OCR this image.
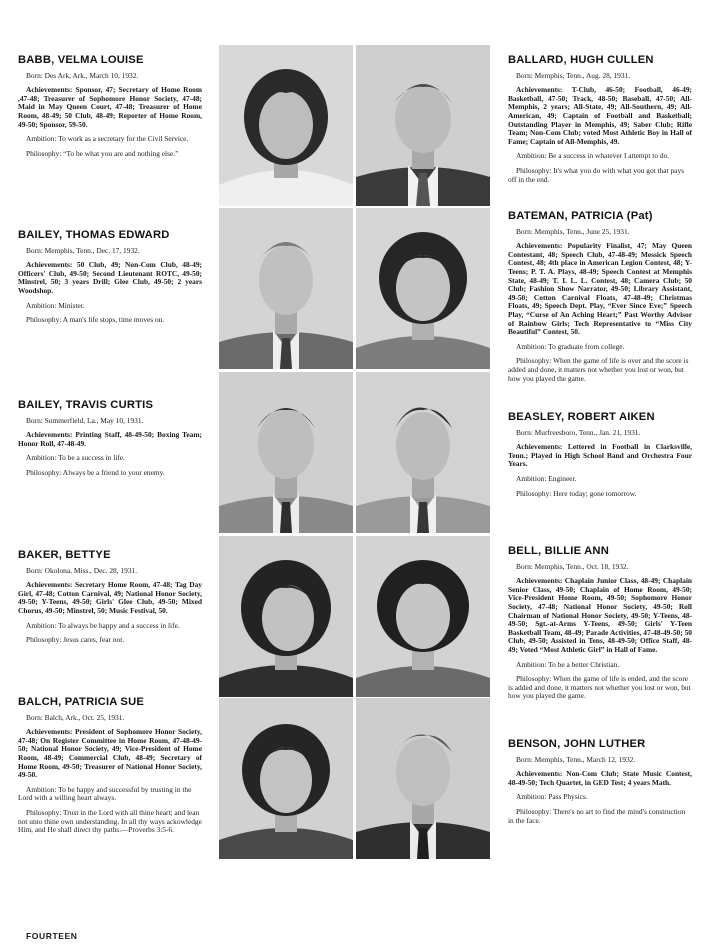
BABB, VELMA LOUISE

Born: Des Ark, Ark., March 10, 1932.

Achievements: Sponsor, 47; Secretary of Home Room ,47-48; Treasurer of Sophomore Honor Society, 47-48; Maid in May Queen Court, 47-48; Treasurer of Home Room, 48-49; 50 Club, 48-49; Reporter of Home Room, 49-50; Sponsor, 59-50.

Ambition: To work as a secretary for the Civil Service.

Philosophy: “To be what you are and nothing else.”

BAILEY, THOMAS EDWARD

Born: Memphis, Tenn., Dec. 17, 1932.

Achievements: 50 Club, 49; Non-Com Club, 48-49; Officers' Club, 49-50; Second Lieutenant ROTC, 49-50; Minstrel, 50; 3 years Drill; Glee Club, 49-50; 2 years Woodshop.

Ambition: Minister.

Philosophy: A man's life stops, time moves on.

BAILEY, TRAVIS CURTIS

Born: Summerfield, La., May 10, 1931.

Achievements: Printing Staff, 48-49-50; Boxing Team; Honor Roll, 47-48-49.

Ambition: To be a success in life.

Philosophy: Always be a friend to your enemy.

BAKER, BETTYE

Born: Okolona, Miss., Dec. 28, 1931.

Achievements: Secretary Home Room, 47-48; Tag Day Girl, 47-48; Cotton Carnival, 49; National Honor Society, 49-50; Y-Teens, 49-50; Girls' Glee Club, 49-50; Mixed Chorus, 49-50; Minstrel, 50; Music Festival, 50.

Ambition: To always be happy and a success in life.

Philosophy: Jesus cares, fear not.

BALCH, PATRICIA SUE

Born: Balch, Ark., Oct. 25, 1931.

Achievements: President of Sophomore Honor Society, 47-48; On Register Committee in Home Room, 47-48-49-50; National Honor Society, 49; Vice-President of Home Room, 48-49; Commercial Club, 48-49; Secretary of Home Room, 49-50; Treasurer of National Honor Society, 49-50.

Ambition: To be happy and successful by trusting in the Lord with a willing heart always.

Philosophy: Trust in the Lord with all thine heart; and lean not unto thine own understanding. In all thy ways ackowledge Him, and He shall direct thy paths.—Proverbs 3:5-6.

BALLARD, HUGH CULLEN

Born: Memphis, Tenn., Aug. 28, 1931.

Achievements: T-Club, 46-50; Football, 46-49; Basketball, 47-50; Track, 48-50; Baseball, 47-50; All-Memphis, 2 years; All-State, 49; All-Southern, 49; All-American, 49; Captain of Football and Basketball; Outstanding Player in Memphis, 49; Saber Club; Rifle Team; Non-Com Club; voted Most Athletic Boy in Hall of Fame; Captain of All-Memphis, 49.

Ambition: Be a success in whatever I attempt to do.

Philosophy: It's what you do with what you got that pays off in the end.

BATEMAN, PATRICIA (Pat)

Born: Memphis, Tenn., June 25, 1931.

Achievements: Popularity Finalist, 47; May Queen Contestant, 48; Speech Club, 47-48-49; Messick Speech Contest, 48; 4th place in American Legion Contest, 48; Y-Teens; P. T. A. Plays, 48-49; Speech Contest at Memphis State, 48-49; T. I. L. L. Contest, 48; Camera Club; 50 Club; Fashion Show Narrator, 49-50; Library Assistant, 49-50; Cotton Carnival Floats, 47-48-49; Christmas Floats, 49; Speech Dept. Play, “Ever Since Eve;” Speech Play, “Curse of An Aching Heart;” Past Worthy Advisor of Rainbow Girls; Tech Representative to “Miss City Beautiful” Contest, 50.

Ambition: To graduate from college.

Philosophy: When the game of life is over and the score is added and done, it matters not whether you lost or won, but how you played the game.

BEASLEY, ROBERT AIKEN

Born: Murfreesboro, Tenn., Jan. 21, 1931.

Achievements: Lettered in Football in Clarksville, Tenn.; Played in High School Band and Orchestra Four Years.

Ambition: Engineer.

Philosophy: Here today; gone tomorrow.

BELL, BILLIE ANN

Born: Memphis, Tenn., Oct. 18, 1932.

Achievements: Chaplain Junior Class, 48-49; Chaplain Senior Class, 49-50; Chaplain of Home Room, 49-50; Vice-President Home Room, 49-50; Sophomore Honor Society, 47-48; National Honor Society, 49-50; Roll Chairman of National Honor Society, 49-50; Y-Teens, 48-49-50; Sgt.-at-Arms Y-Teens, 49-50; Girls' Y-Teen Basketball Team, 48-49; Parade Activities, 47-48-49-50; 50 Club, 49-50; Assisted in Tens, 48-49-50; Office Staff, 48-49; Voted “Most Athletic Girl” in Hall of Fame.

Ambition: To be a better Christian.

Philosophy: When the game of life is ended, and the score is added and done, it matters not whether you lost or won, but how you played the game.

BENSON, JOHN LUTHER

Born: Memphis, Tenn., March 12, 1932.

Achievements: Non-Com Club; State Music Contest, 48-49-50; Tech Quartet, in GED Test; 4 years Math.

Ambition: Pass Physics.

Philosophy: There's no art to find the mind's construction in the face.

FOURTEEN
